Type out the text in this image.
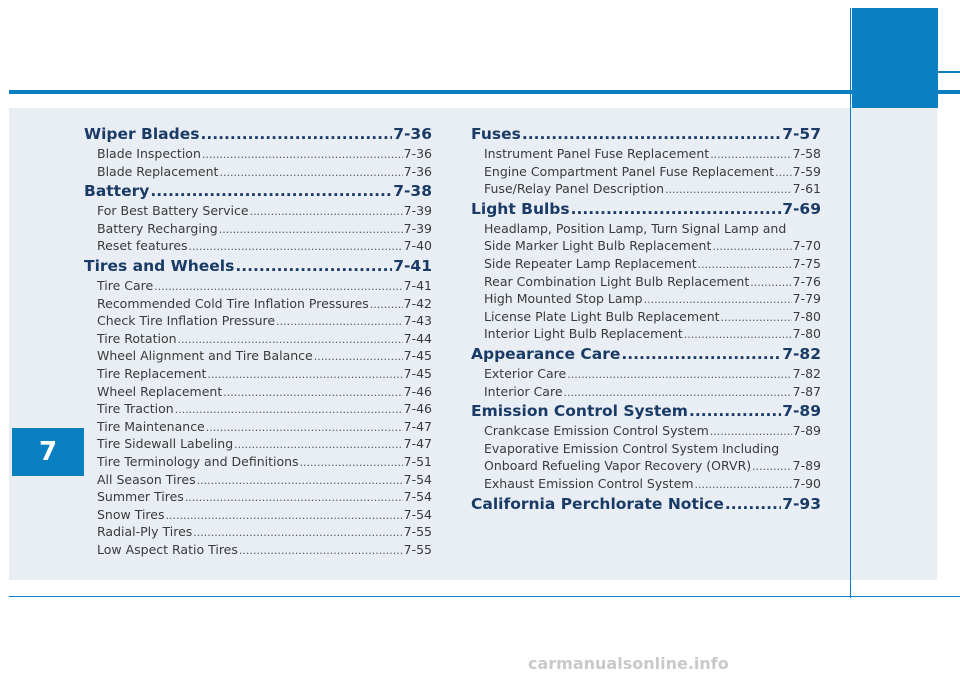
7
Wiper Blades .....	7-36
Blade Inspection .....	7-36
Blade Replacement .....	7-36
Battery .....	7-38
For Best Battery Service .....	7-39
Battery Recharging .....	7-39
Reset features .....	7-40
Tires and Wheels .....	7-41
Tire Care .....	7-41
Recommended Cold Tire Inflation Pressures .....	7-42
Check Tire Inflation Pressure .....	7-43
Tire Rotation .....	7-44
Wheel Alignment and Tire Balance .....	7-45
Tire Replacement .....	7-45
Wheel Replacement .....	7-46
Tire Traction .....	7-46
Tire Maintenance .....	7-47
Tire Sidewall Labeling .....	7-47
Tire Terminology and Definitions .....	7-51
All Season Tires .....	7-54
Summer Tires .....	7-54
Snow Tires .....	7-54
Radial-Ply Tires .....	7-55
Low Aspect Ratio Tires .....	7-55
Fuses .....	7-57
Instrument Panel Fuse Replacement .....	7-58
Engine Compartment Panel Fuse Replacement ..... 7-59
Fuse/Relay Panel Description .....	7-61
Light Bulbs .....	7-69
Headlamp, Position Lamp, Turn Signal Lamp and
Side Marker Light Bulb Replacement .....	7-70
Side Repeater Lamp Replacement .....	7-75
Rear Combination Light Bulb Replacement .....	7-76
High Mounted Stop Lamp .....	7-79
License Plate Light Bulb Replacement .....	7-80
Interior Light Bulb Replacement .....	7-80
Appearance Care .....	7-82
Exterior Care .....	7-82
Interior Care .....	7-87
Emission Control System .....	7-89
Crankcase Emission Control System .....	7-89
Evaporative Emission Control System Including
Onboard Refueling Vapor Recovery (ORVR) .....	7-89
Exhaust Emission Control System .....	7-90
California Perchlorate Notice .....	7-93
carmanualsonline.info
